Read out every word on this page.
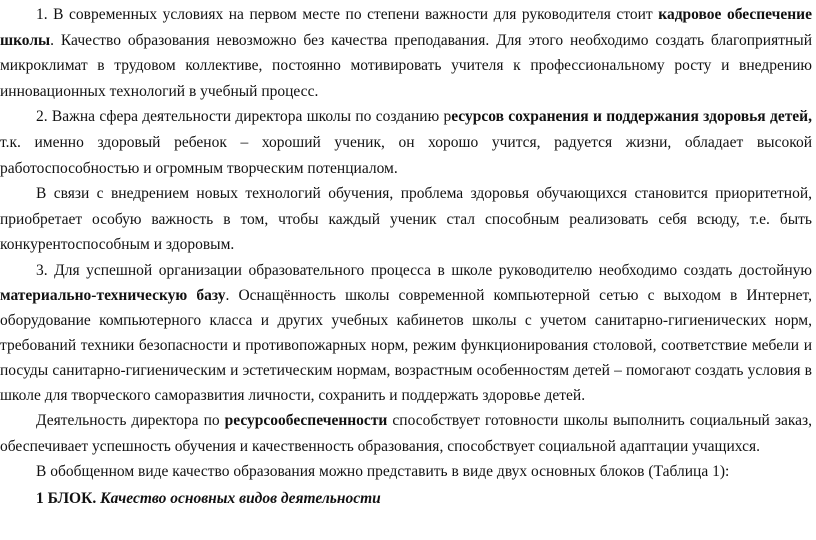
1. В современных условиях на первом месте по степени важности для руководителя стоит кадровое обеспечение школы. Качество образования невозможно без качества преподавания. Для этого необходимо создать благоприятный микроклимат в трудовом коллективе, постоянно мотивировать учителя к профессиональному росту и внедрению инновационных технологий в учебный процесс.

2. Важна сфера деятельности директора школы по созданию ресурсов сохранения и поддержания здоровья детей, т.к. именно здоровый ребенок – хороший ученик, он хорошо учится, радуется жизни, обладает высокой работоспособностью и огромным творческим потенциалом.

В связи с внедрением новых технологий обучения, проблема здоровья обучающихся становится приоритетной, приобретает особую важность в том, чтобы каждый ученик стал способным реализовать себя всюду, т.е. быть конкурентоспособным и здоровым.

3. Для успешной организации образовательного процесса в школе руководителю необходимо создать достойную материально-техническую базу. Оснащённость школы современной компьютерной сетью с выходом в Интернет, оборудование компьютерного класса и других учебных кабинетов школы с учетом санитарно-гигиенических норм, требований техники безопасности и противопожарных норм, режим функционирования столовой, соответствие мебели и посуды санитарно-гигиеническим и эстетическим нормам, возрастным особенностям детей – помогают создать условия в школе для творческого саморазвития личности, сохранить и поддержать здоровье детей.

Деятельность директора по ресурсообеспеченности способствует готовности школы выполнить социальный заказ, обеспечивает успешность обучения и качественность образования, способствует социальной адаптации учащихся.

В обобщенном виде качество образования можно представить в виде двух основных блоков (Таблица 1):

1 БЛОК. Качество основных видов деятельности
